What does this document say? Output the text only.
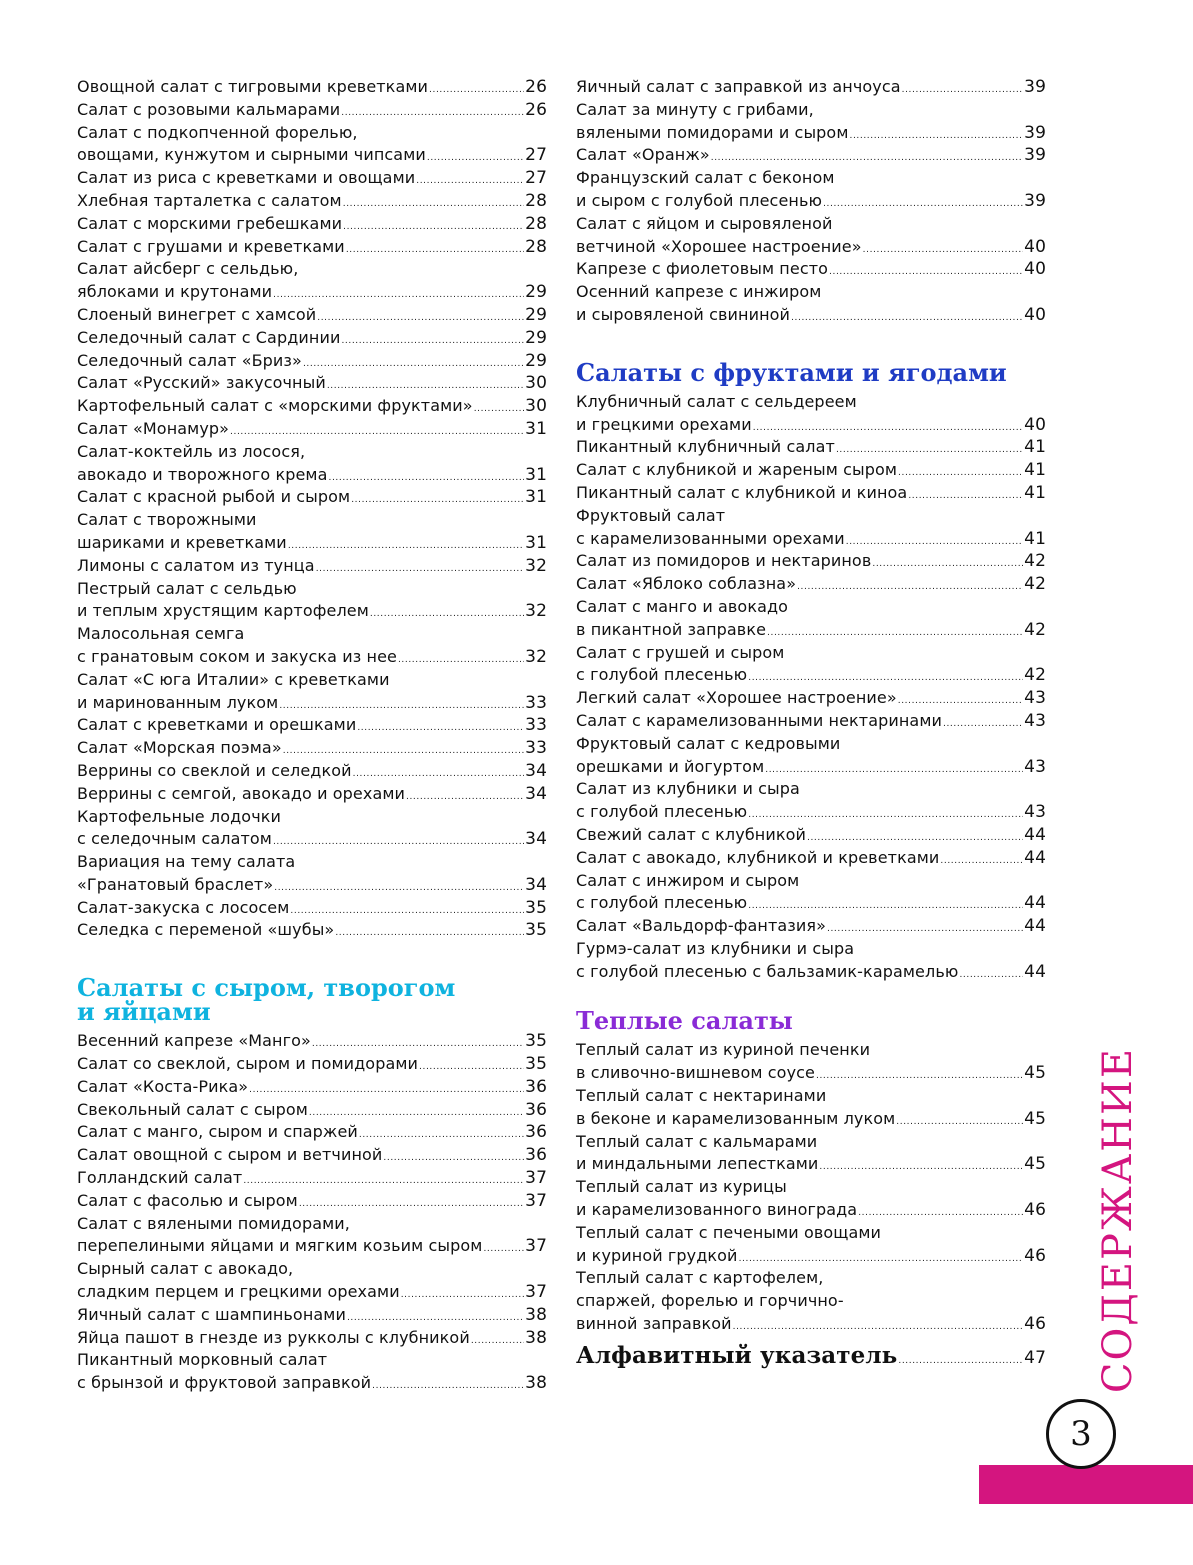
Овощной салат с тигровыми креветками .....	26
Салат с розовыми кальмарами .....	26
Салат с подкопченной форелью,
овощами, кунжутом и сырными чипсами .....	27
Салат из риса с креветками и овощами .....	27
Хлебная тарталетка с салатом .....	28
Салат с морскими гребешками .....	28
Салат с грушами и креветками .....	28
Салат айсберг с сельдью,
яблоками и крутонами .....	29
Слоеный винегрет с хамсой .....	29
Селедочный салат с Сардинии .....	29
Селедочный салат «Бриз» .....	29
Салат «Русский» закусочный .....	30
Картофельный салат с «морскими фруктами» .....	30
Салат «Монамур» .....	31
Салат-коктейль из лосося,
авокадо и творожного крема .....	31
Салат с красной рыбой и сыром .....	31
Салат с творожными
шариками и креветками .....	31
Лимоны с салатом из тунца .....	32
Пестрый салат с сельдью
и теплым хрустящим картофелем .....	32
Малосольная семга
с гранатовым соком и закуска из нее .....	32
Салат «С юга Италии» с креветками
и маринованным луком .....	33
Салат с креветками и орешками .....	33
Салат «Морская поэма» .....	33
Веррины со свеклой и селедкой .....	34
Веррины с семгой, авокадо и орехами .....	34
Картофельные лодочки
с селедочным салатом .....	34
Вариация на тему салата
«Гранатовый браслет» .....	34
Салат-закуска с лососем .....	35
Селедка с переменой «шубы» .....	35
Салаты с сыром, творогом
и яйцами
Весенний капрезе «Манго» .....	35
Салат со свеклой, сыром и помидорами .....	35
Салат «Коста-Рика» .....	36
Свекольный салат с сыром .....	36
Салат с манго, сыром и спаржей .....	36
Салат овощной с сыром и ветчиной .....	36
Голландский салат .....	37
Салат с фасолью и сыром .....	37
Салат с вялеными помидорами,
перепелиными яйцами и мягким козьим сыром .....	37
Сырный салат с авокадо,
сладким перцем и грецкими орехами .....	37
Яичный салат с шампиньонами .....	38
Яйца пашот в гнезде из рукколы с клубникой .....	38
Пикантный морковный салат
с брынзой и фруктовой заправкой .....	38
Яичный салат с заправкой из анчоуса .....	39
Салат за минуту с грибами,
вялеными помидорами и сыром .....	39
Салат «Оранж» .....	39
Французский салат с беконом
и сыром с голубой плесенью .....	39
Салат с яйцом и сыровяленой
ветчиной «Хорошее настроение» .....	40
Капрезе с фиолетовым песто .....	40
Осенний капрезе с инжиром
и сыровяленой свининой .....	40
Салаты с фруктами и ягодами
Клубничный салат с сельдереем
и грецкими орехами .....	40
Пикантный клубничный салат .....	41
Салат с клубникой и жареным сыром .....	41
Пикантный салат с клубникой и киноа .....	41
Фруктовый салат
с карамелизованными орехами .....	41
Салат из помидоров и нектаринов .....	42
Салат «Яблоко соблазна» .....	42
Салат с манго и авокадо
в пикантной заправке .....	42
Салат с грушей и сыром
с голубой плесенью .....	42
Легкий салат «Хорошее настроение» .....	43
Салат с карамелизованными нектаринами .....	43
Фруктовый салат с кедровыми
орешками и йогуртом .....	43
Салат из клубники и сыра
с голубой плесенью .....	43
Свежий салат с клубникой .....	44
Салат с авокадо, клубникой и креветками .....	44
Салат с инжиром и сыром
с голубой плесенью .....	44
Салат «Вальдорф-фантазия» .....	44
Гурмэ-салат из клубники и сыра
с голубой плесенью с бальзамик-карамелью .....	44
Теплые салаты
Теплый салат из куриной печенки
в сливочно-вишневом соусе .....	45
Теплый салат с нектаринами
в беконе и карамелизованным луком .....	45
Теплый салат с кальмарами
и миндальными лепестками .....	45
Теплый салат из курицы
и карамелизованного винограда .....	46
Теплый салат с печеными овощами
и куриной грудкой .....	46
Теплый салат с картофелем,
спаржей, форелью и горчично-
винной заправкой .....	46
Алфавитный указатель .....	47 СОДЕРЖАНИЕ
3
